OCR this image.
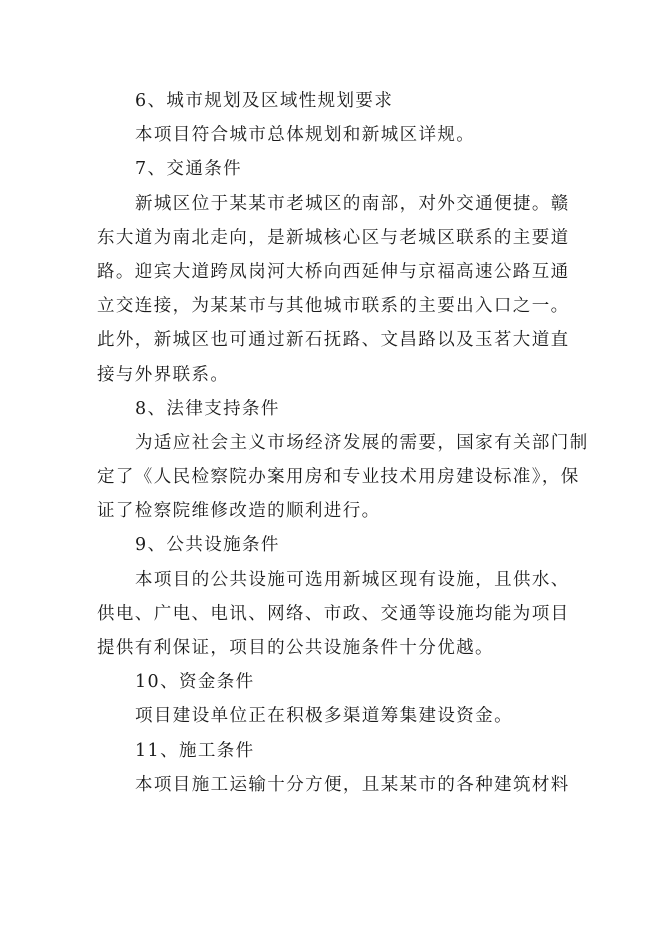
6、城市规划及区域性规划要求
本项目符合城市总体规划和新城区详规。
7、交通条件
新城区位于某某市老城区的南部，对外交通便捷。赣
东大道为南北走向，是新城核心区与老城区联系的主要道
路。迎宾大道跨凤岗河大桥向西延伸与京福高速公路互通
立交连接，为某某市与其他城市联系的主要出入口之一。
此外，新城区也可通过新石抚路、文昌路以及玉茗大道直
接与外界联系。
8、法律支持条件
为适应社会主义市场经济发展的需要，国家有关部门制
定了《人民检察院办案用房和专业技术用房建设标准》，保
证了检察院维修改造的顺利进行。
9、公共设施条件
本项目的公共设施可选用新城区现有设施，且供水、
供电、广电、电讯、网络、市政、交通等设施均能为项目
提供有利保证，项目的公共设施条件十分优越。
10、资金条件
项目建设单位正在积极多渠道筹集建设资金。
11、施工条件
本项目施工运输十分方便，且某某市的各种建筑材料
